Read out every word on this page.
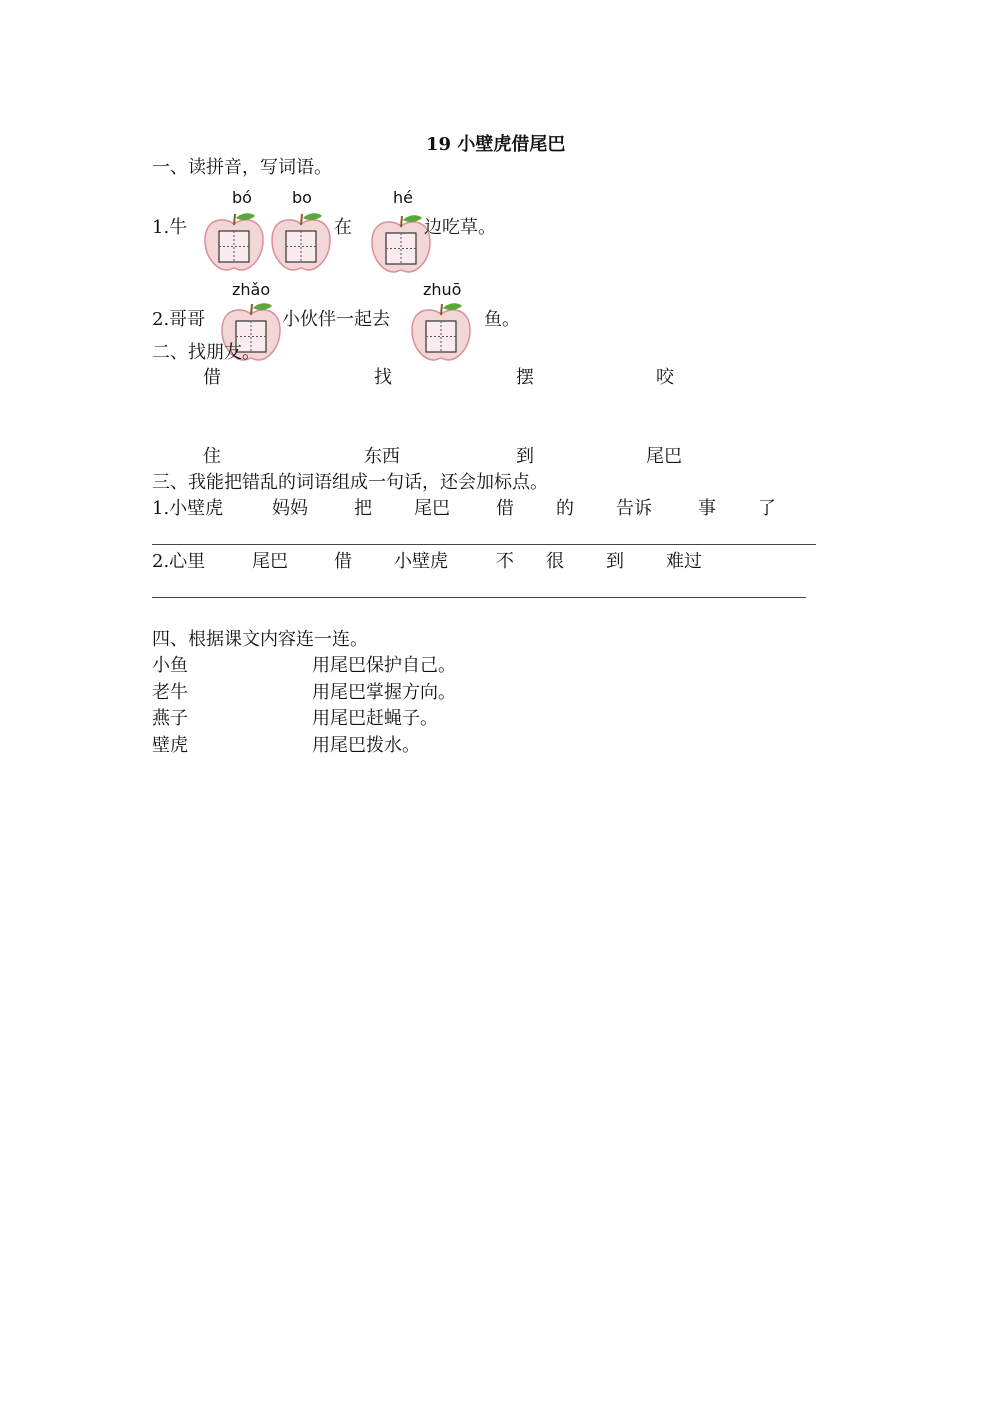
19 小壁虎借尾巴
一、读拼音，写词语。
bó	bo	hé
1.牛	在	边吃草。
zhǎo	zhuō
2.哥哥	小伙伴一起去	鱼。
二、找朋友。
借	找	摆	咬
住	东西	到	尾巴
三、我能把错乱的词语组成一句话，还会加标点。
1.小壁虎	妈妈	把 尾巴	借 的 告诉	事 了
2.心里	尾巴	借 小壁虎	不 很 到 难过
四、根据课文内容连一连。
小鱼	用尾巴保护自己。
老牛	用尾巴掌握方向。
燕子	用尾巴赶蝇子。
壁虎	用尾巴拨水。
